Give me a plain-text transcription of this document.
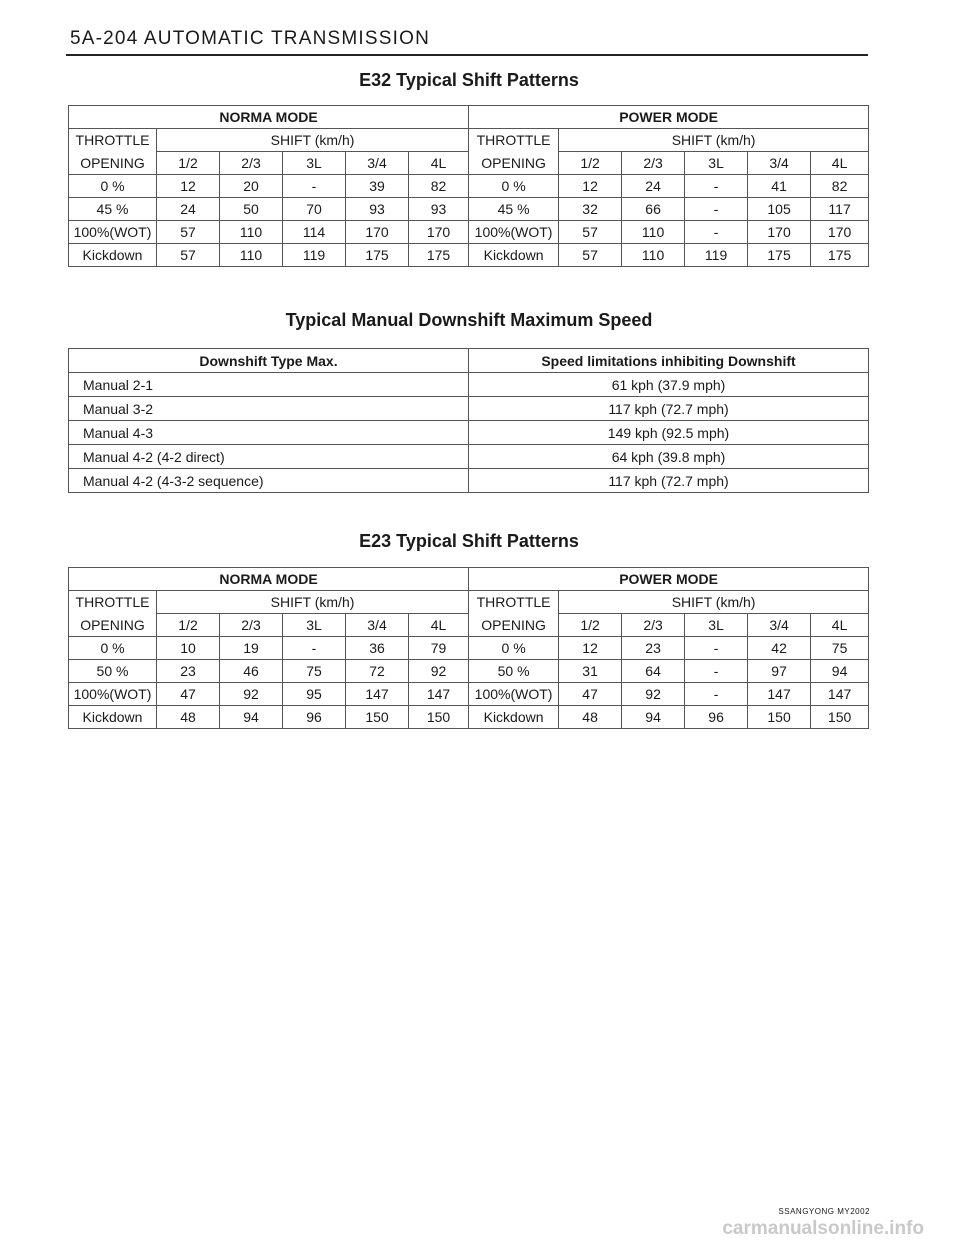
5A-204 AUTOMATIC TRANSMISSION
E32 Typical Shift Patterns
NORMA MODE						POWER MODE					
THROTTLE	SHIFT (km/h)					THROTTLE	SHIFT (km/h)				
OPENING	1/2	2/3	3L	3/4	4L	OPENING	1/2	2/3	3L	3/4	4L
0 %	12	20	-	39	82	0 %	12	24	-	41	82
45 %	24	50	70	93	93	45 %	32	66	-	105	117
100%(WOT)	57	110	114	170	170	100%(WOT)	57	110	-	170	170
Kickdown	57	110	119	175	175	Kickdown	57	110	119	175	175
Typical Manual Downshift Maximum Speed
Downshift Type Max.	Speed limitations inhibiting Downshift
Manual 2-1	61 kph (37.9 mph)
Manual 3-2	117 kph (72.7 mph)
Manual 4-3	149 kph (92.5 mph)
Manual 4-2 (4-2 direct)	64 kph (39.8 mph)
Manual 4-2 (4-3-2 sequence)	117 kph (72.7 mph)
E23 Typical Shift Patterns
NORMA MODE						POWER MODE					
THROTTLE	SHIFT (km/h)					THROTTLE	SHIFT (km/h)				
OPENING	1/2	2/3	3L	3/4	4L	OPENING	1/2	2/3	3L	3/4	4L
0 %	10	19	-	36	79	0 %	12	23	-	42	75
50 %	23	46	75	72	92	50 %	31	64	-	97	94
100%(WOT)	47	92	95	147	147	100%(WOT)	47	92	-	147	147
Kickdown	48	94	96	150	150	Kickdown	48	94	96	150	150
SSANGYONG MY2002
carmanualsonline.info
